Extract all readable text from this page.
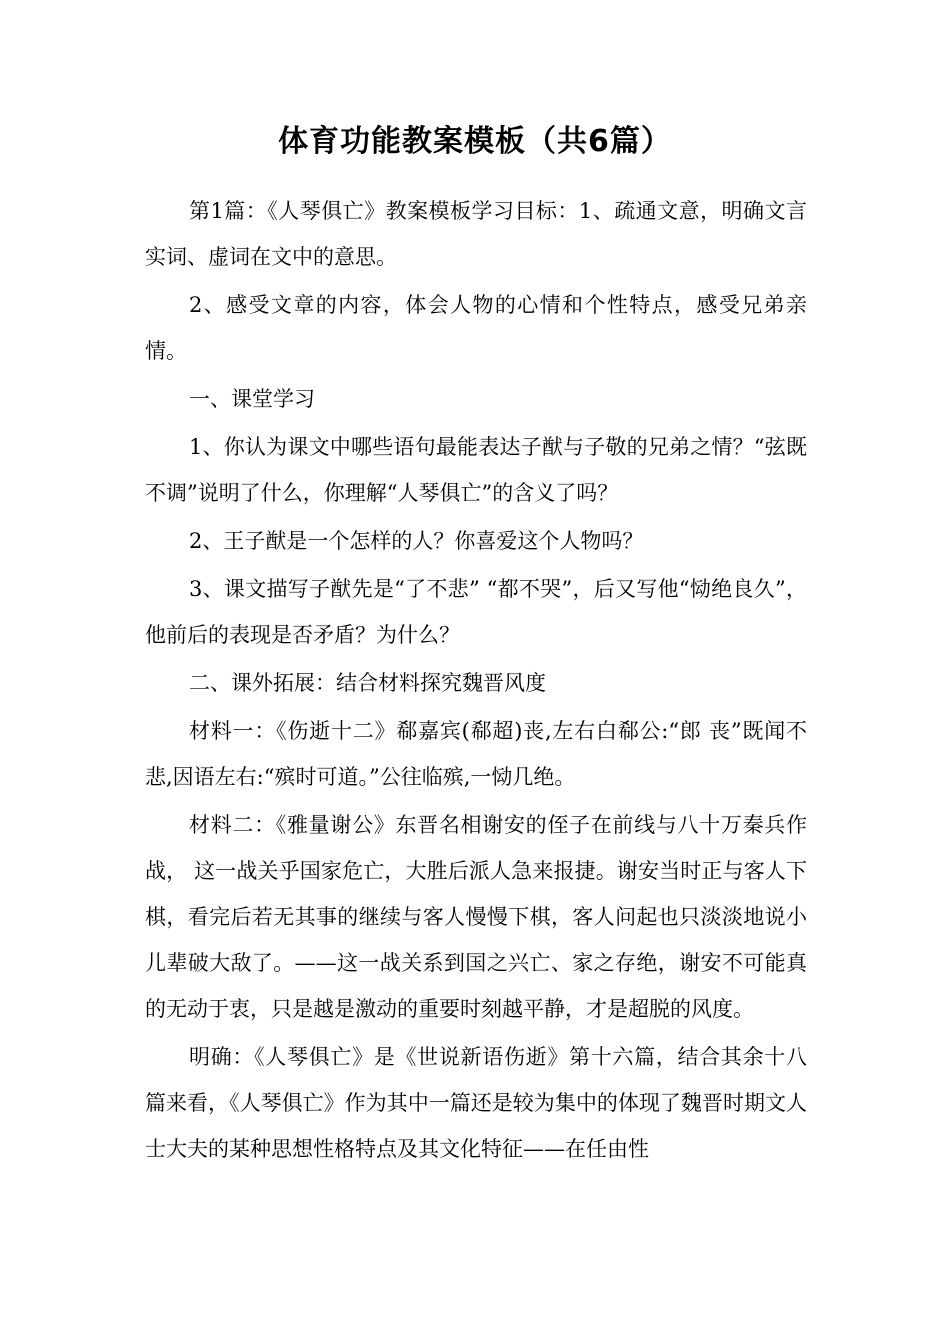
体育功能教案模板（共6篇）

第1篇：《人琴俱亡》教案模板学习目标：1、疏通文意，明确文言实词、虚词在文中的意思。

2、感受文章的内容，体会人物的心情和个性特点，感受兄弟亲情。

一、课堂学习

1、你认为课文中哪些语句最能表达子猷与子敬的兄弟之情？“弦既不调”说明了什么，你理解“人琴俱亡”的含义了吗？

2、王子猷是一个怎样的人？你喜爱这个人物吗？

3、课文描写子猷先是“了不悲” “都不哭”，后又写他“恸绝良久”，他前后的表现是否矛盾？为什么？

二、课外拓展：结合材料探究魏晋风度

材料一：《伤逝十二》郗嘉宾(郗超)丧,左右白郗公:“郎 丧”既闻不悲,因语左右:“殡时可道。”公往临殡,一恸几绝。

材料二：《雅量谢公》东晋名相谢安的侄子在前线与八十万秦兵作战， 这一战关乎国家危亡，大胜后派人急来报捷。谢安当时正与客人下棋，看完后若无其事的继续与客人慢慢下棋，客人问起也只淡淡地说小儿辈破大敌了。——这一战关系到国之兴亡、家之存绝，谢安不可能真的无动于衷，只是越是激动的重要时刻越平静，才是超脱的风度。

明确：《人琴俱亡》是《世说新语伤逝》第十六篇，结合其余十八篇来看，《人琴俱亡》作为其中一篇还是较为集中的体现了魏晋时期文人士大夫的某种思想性格特点及其文化特征——在任由性
